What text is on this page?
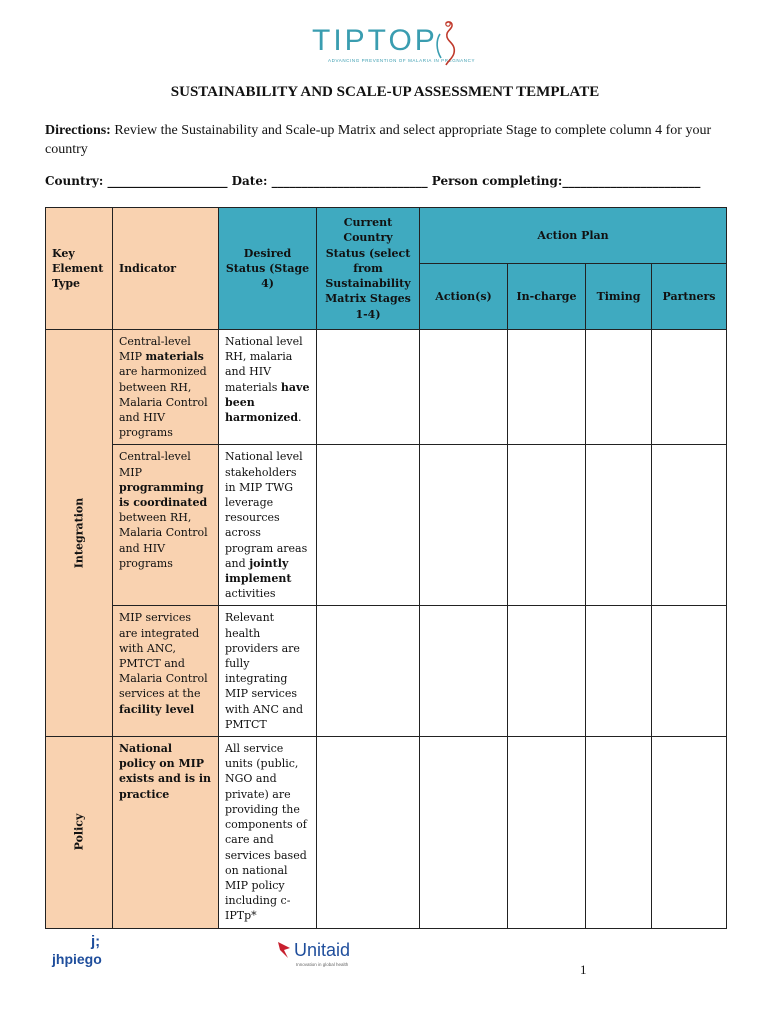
TIPTOP
ADVANCING PREVENTION OF MALARIA IN PREGNANCY
SUSTAINABILITY AND SCALE-UP ASSESSMENT TEMPLATE
Directions: Review the Sustainability and Scale-up Matrix and select appropriate Stage to complete column 4 for your country
Country: ____________________ Date: __________________________ Person completing:_______________________
Key Element Type	Indicator	Desired Status (Stage 4)	Current Country Status (select from Sustainability Matrix Stages 1-4)	Action Plan			
				Action(s)	In-charge	Timing	Partners

Integration	Central-level MIP materials are harmonized between RH, Malaria Control and HIV programs	National level RH, malaria and HIV materials have been harmonized.					
	Central-level MIP programming is coordinated between RH, Malaria Control and HIV programs	National level stakeholders in MIP TWG leverage resources across program areas and jointly implement activities					
	MIP services are integrated with ANC, PMTCT and Malaria Control services at the facility level	Relevant health providers are fully integrating MIP services with ANC and PMTCT					

Policy	National policy on MIP exists and is in practice	All service units (public, NGO and private) are providing the components of care and services based on national MIP policy including c-IPTp*					
j;
jhpiego	Unitaid
Innovation in global health	1
